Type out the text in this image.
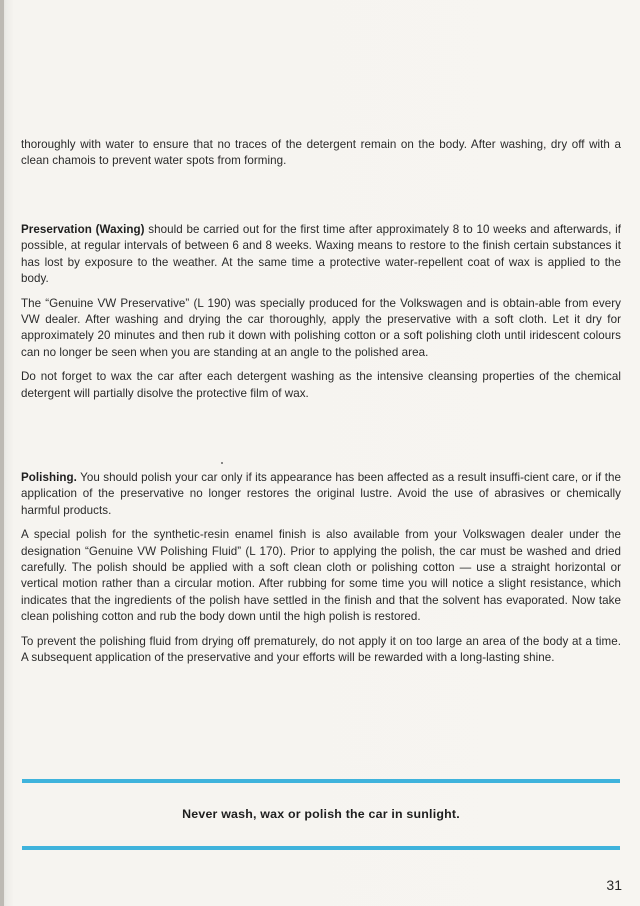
thoroughly with water to ensure that no traces of the detergent remain on the body. After washing, dry off with a clean chamois to prevent water spots from forming.

Preservation (Waxing) should be carried out for the first time after approximately 8 to 10 weeks and afterwards, if possible, at regular intervals of between 6 and 8 weeks. Waxing means to restore to the finish certain substances it has lost by exposure to the weather. At the same time a protective water-repellent coat of wax is applied to the body.

The “Genuine VW Preservative” (L 190) was specially produced for the Volkswagen and is obtain-able from every VW dealer. After washing and drying the car thoroughly, apply the preservative with a soft cloth. Let it dry for approximately 20 minutes and then rub it down with polishing cotton or a soft polishing cloth until iridescent colours can no longer be seen when you are standing at an angle to the polished area.

Do not forget to wax the car after each detergent washing as the intensive cleansing properties of the chemical detergent will partially disolve the protective film of wax.

Polishing. You should polish your car only if its appearance has been affected as a result insuffi-cient care, or if the application of the preservative no longer restores the original lustre. Avoid the use of abrasives or chemically harmful products.

A special polish for the synthetic-resin enamel finish is also available from your Volkswagen dealer under the designation “Genuine VW Polishing Fluid” (L 170). Prior to applying the polish, the car must be washed and dried carefully. The polish should be applied with a soft clean cloth or polishing cotton — use a straight horizontal or vertical motion rather than a circular motion. After rubbing for some time you will notice a slight resistance, which indicates that the ingredients of the polish have settled in the finish and that the solvent has evaporated. Now take clean polishing cotton and rub the body down until the high polish is restored.

To prevent the polishing fluid from drying off prematurely, do not apply it on too large an area of the body at a time. A subsequent application of the preservative and your efforts will be rewarded with a long-lasting shine.

Never wash, wax or polish the car in sunlight.
31
